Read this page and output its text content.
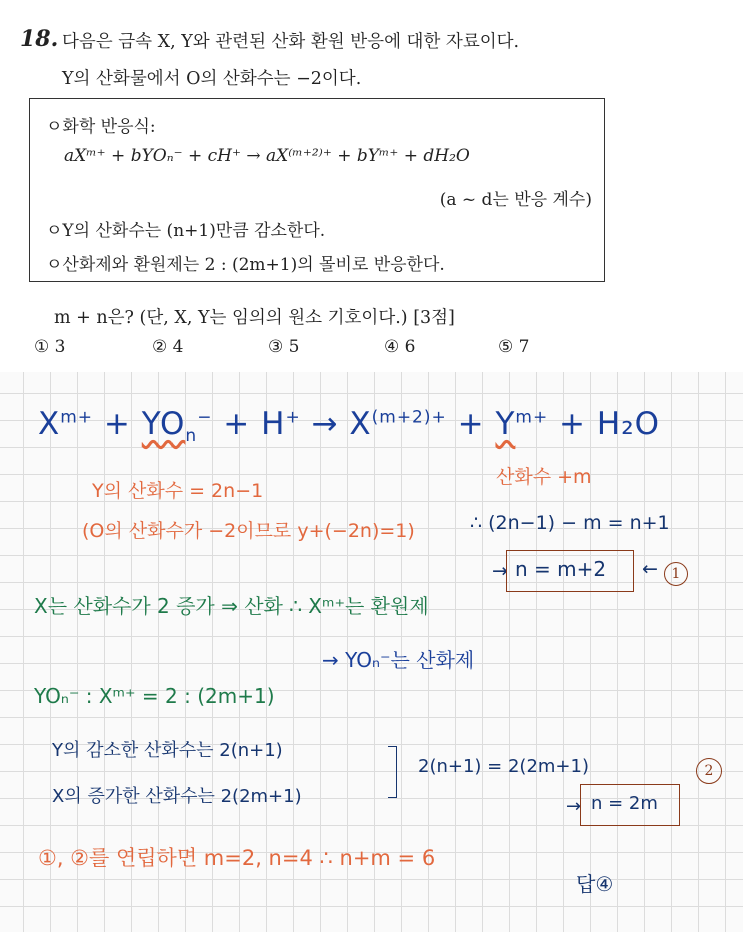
18. 다음은 금속 X, Y와 관련된 산화 환원 반응에 대한 자료이다.
Y의 산화물에서 O의 산화수는 −2이다.
ㅇ화학 반응식:
aXᵐ⁺ + bYOₙ⁻ + cH⁺ → aX⁽ᵐ⁺²⁾⁺ + bYᵐ⁺ + dH₂O
(a ~ d는 반응 계수)
ㅇY의 산화수는 (n+1)만큼 감소한다.
ㅇ산화제와 환원제는 2 : (2m+1)의 몰비로 반응한다.
m + n은? (단, X, Y는 임의의 원소 기호이다.) [3점]
① 3	② 4	③ 5	④ 6	⑤ 7
$X^{m+} + YO_n^- + H^+ \to X^{(m+2)+} + Y^{m+} + H_2O$
산화수 +m
Y의 산화수 = 2n−1
(O의 산화수가 −2이므로 y+(−2n)=1)	∴ (2n−1) − m = n+1
→ n = m+2 ← 1
X는 산화수가 2 증가 ⇒ 산화 ∴ Xᵐ⁺는 환원제
→ YOₙ⁻는 산화제
YOₙ⁻ : Xᵐ⁺ = 2 : (2m+1)
Y의 감소한 산화수는 2(n+1)
X의 증가한 산화수는 2(2m+1)
2(n+1) = 2(2m+1)
→ n = 2m
2
①, ②를 연립하면 m=2, n=4 ∴ n+m = 6
답④
